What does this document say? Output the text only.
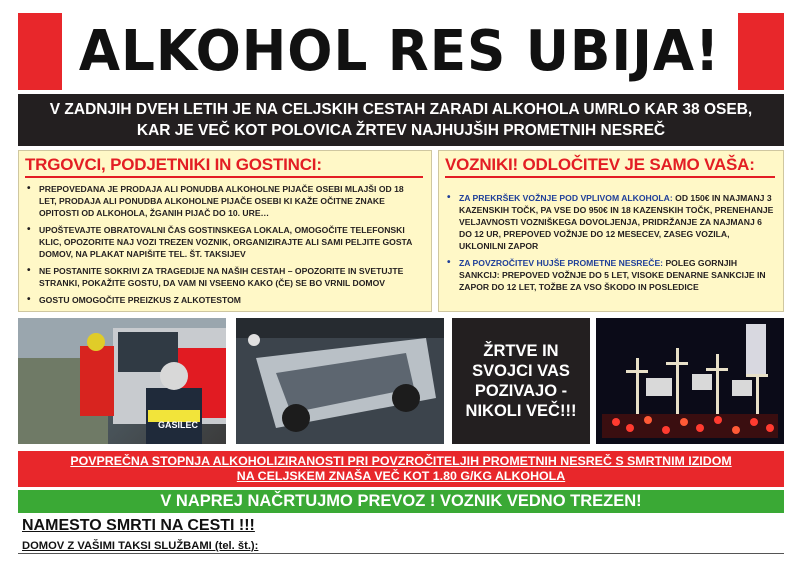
ALKOHOL RES UBIJA!
V ZADNJIH DVEH LETIH JE NA CELJSKIH CESTAH ZARADI ALKOHOLA UMRLO KAR 38 OSEB,
KAR JE VEČ KOT POLOVICA ŽRTEV NAJHUJŠIH PROMETNIH NESREČ
TRGOVCI, PODJETNIKI IN GOSTINCI:
• PREPOVEDANA JE PRODAJA ALI PONUDBA ALKOHOLNE PIJAČE OSEBI MLAJŠI OD 18 LET, PRODAJA ALI PONUDBA ALKOHOLNE PIJAČE OSEBI KI KAŽE OČITNE ZNAKE OPITOSTI OD ALKOHOLA, ŽGANIH PIJAČ DO 10. URE…
• UPOŠTEVAJTE OBRATOVALNI ČAS GOSTINSKEGA LOKALA, OMOGOČITE TELEFONSKI KLIC, OPOZORITE NAJ VOZI TREZEN VOZNIK, ORGANIZIRAJTE ALI SAMI PELJITE GOSTA DOMOV, NA PLAKAT NAPIŠITE TEL. ŠT. TAKSIJEV
• NE POSTANITE SOKRIVI ZA TRAGEDIJE NA NAŠIH CESTAH – OPOZORITE IN SVETUJTE STRANKI, POKAŽITE GOSTU, DA VAM NI VSEENO KAKO (ČE) SE BO VRNIL DOMOV
• GOSTU OMOGOČITE PREIZKUS Z ALKOTESTOM
VOZNIKI! ODLOČITEV JE SAMO VAŠA:
• ZA PREKRŠEK VOŽNJE POD VPLIVOM ALKOHOLA: OD 150€ IN NAJMANJ 3 KAZENSKIH TOČK, PA VSE DO 950€ IN 18 KAZENSKIH TOČK, PRENEHANJE VELJAVNOSTI VOZNIŠKEGA DOVOLJENJA, PRIDRŽANJE ZA NAJMANJ 6 DO 12 UR, PREPOVED VOŽNJE DO 12 MESECEV, ZASEG VOZILA, UKLONILNI ZAPOR
• ZA POVZROČITEV HUJŠE PROMETNE NESREČE: POLEG GORNJIH SANKCIJ: PREPOVED VOŽNJE DO 5 LET, VISOKE DENARNE SANKCIJE IN ZAPOR DO 12 LET, TOŽBE ZA VSO ŠKODO IN POSLEDICE
GASILEC
ŽRTVE IN
SVOJCI VAS
POZIVAJO -
NIKOLI VEČ!!!
POVPREČNA STOPNJA ALKOHOLIZIRANOSTI PRI POVZROČITELJIH PROMETNIH NESREČ S SMRTNIM IZIDOM
NA CELJSKEM ZNAŠA VEČ KOT 1.80 G/KG ALKOHOLA
V NAPREJ NAČRTUJMO PREVOZ ! VOZNIK VEDNO TREZEN!
NAMESTO SMRTI NA CESTI !!!
DOMOV Z VAŠIMI TAKSI SLUŽBAMI (tel. št.):
